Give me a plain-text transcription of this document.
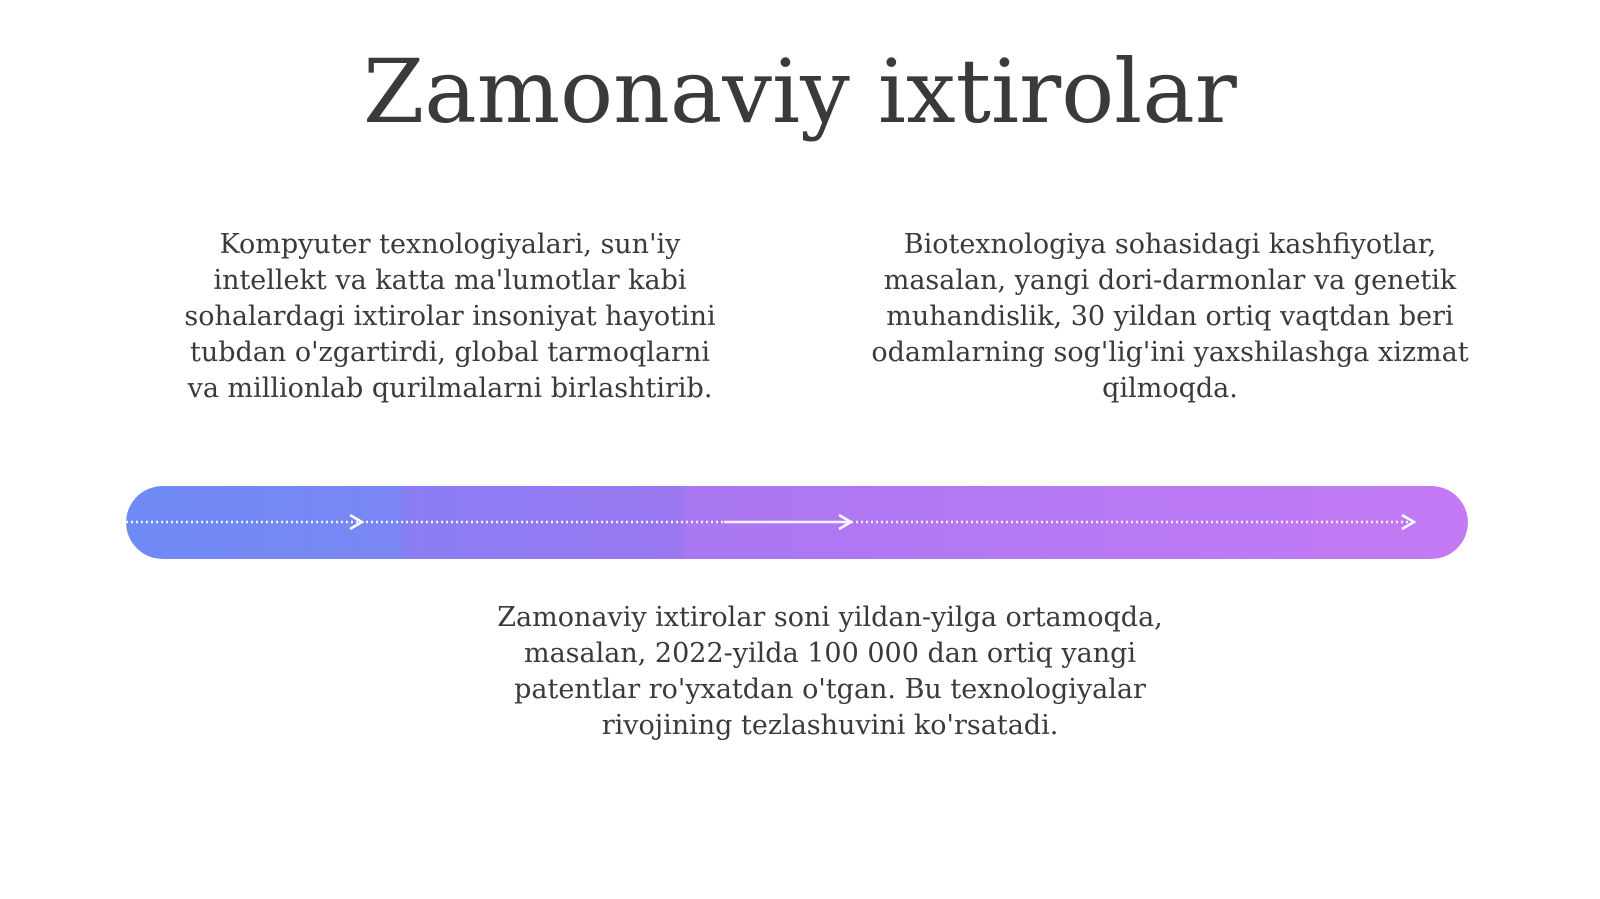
Zamonaviy ixtirolar

Kompyuter texnologiyalari, sun'iy
intellekt va katta ma'lumotlar kabi
sohalardagi ixtirolar insoniyat hayotini
tubdan o'zgartirdi, global tarmoqlarni
va millionlab qurilmalarni birlashtirib.

Biotexnologiya sohasidagi kashfiyotlar,
masalan, yangi dori-darmonlar va genetik
muhandislik, 30 yildan ortiq vaqtdan beri
odamlarning sog'lig'ini yaxshilashga xizmat
qilmoqda.

Zamonaviy ixtirolar soni yildan-yilga ortamoqda,
masalan, 2022-yilda 100 000 dan ortiq yangi
patentlar ro'yxatdan o'tgan. Bu texnologiyalar
rivojining tezlashuvini ko'rsatadi.
